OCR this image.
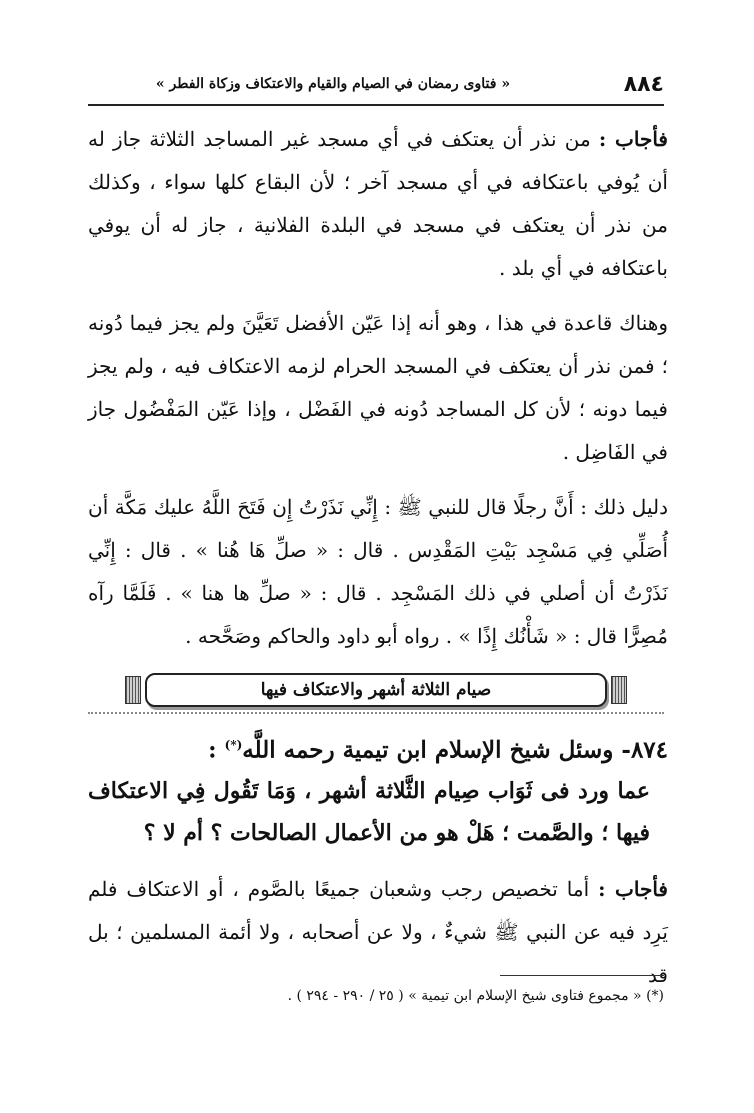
٨٨٤
« فتاوى رمضان في الصيام والقيام والاعتكاف وزكاة الفطر »

فأجاب : من نذر أن يعتكف في أي مسجد غير المساجد الثلاثة جاز له أن يُوفي باعتكافه في أي مسجد آخر ؛ لأن البقاع كلها سواء ، وكذلك من نذر أن يعتكف في مسجد في البلدة الفلانية ، جاز له أن يوفي باعتكافه في أي بلد .

وهناك قاعدة في هذا ، وهو أنه إذا عَيّن الأفضل تَعَيَّنَ ولم يجز فيما دُونه ؛ فمن نذر أن يعتكف في المسجد الحرام لزمه الاعتكاف فيه ، ولم يجز فيما دونه ؛ لأن كل المساجد دُونه في الفَضْل ، وإذا عَيّن المَفْضُول جاز في الفَاضِل .

دليل ذلك : أَنَّ رجلًا قال للنبي ﷺ : إِنِّي نَذَرْتُ إِن فَتَحَ اللَّهُ عليك مَكَّة أن أُصَلِّي فِي مَسْجِد بَيْتِ المَقْدِس . قال : « صلِّ هَا هُنا » . قال : إِنِّي نَذَرْتُ أن أصلي في ذلك المَسْجِد . قال : « صلِّ ها هنا » . فَلَمَّا رآه مُصِرًّا قال : « شَأْنُك إِذًا » . رواه أبو داود والحاكم وصَحَّحه .

صيام الثلاثة أشهر والاعتكاف فيها
٨٧٤- وسئل شيخ الإسلام ابن تيمية رحمه اللَّه(*) :

عما ورد فى ثَوَاب صِيام الثَّلاثة أشهر ، وَمَا تَقُول فِي الاعتكاف فيها ؛ والصَّمت ؛ هَلْ هو من الأعمال الصالحات ؟ أم لا ؟

فأجاب : أما تخصيص رجب وشعبان جميعًا بالصَّوم ، أو الاعتكاف فلم يَرِد فيه عن النبي ﷺ شيءٌ ، ولا عن أصحابه ، ولا أئمة المسلمين ؛ بل قد

(*) « مجموع فتاوى شيخ الإسلام ابن تيمية » ( ٢٥ / ٢٩٠ - ٢٩٤ ) .
